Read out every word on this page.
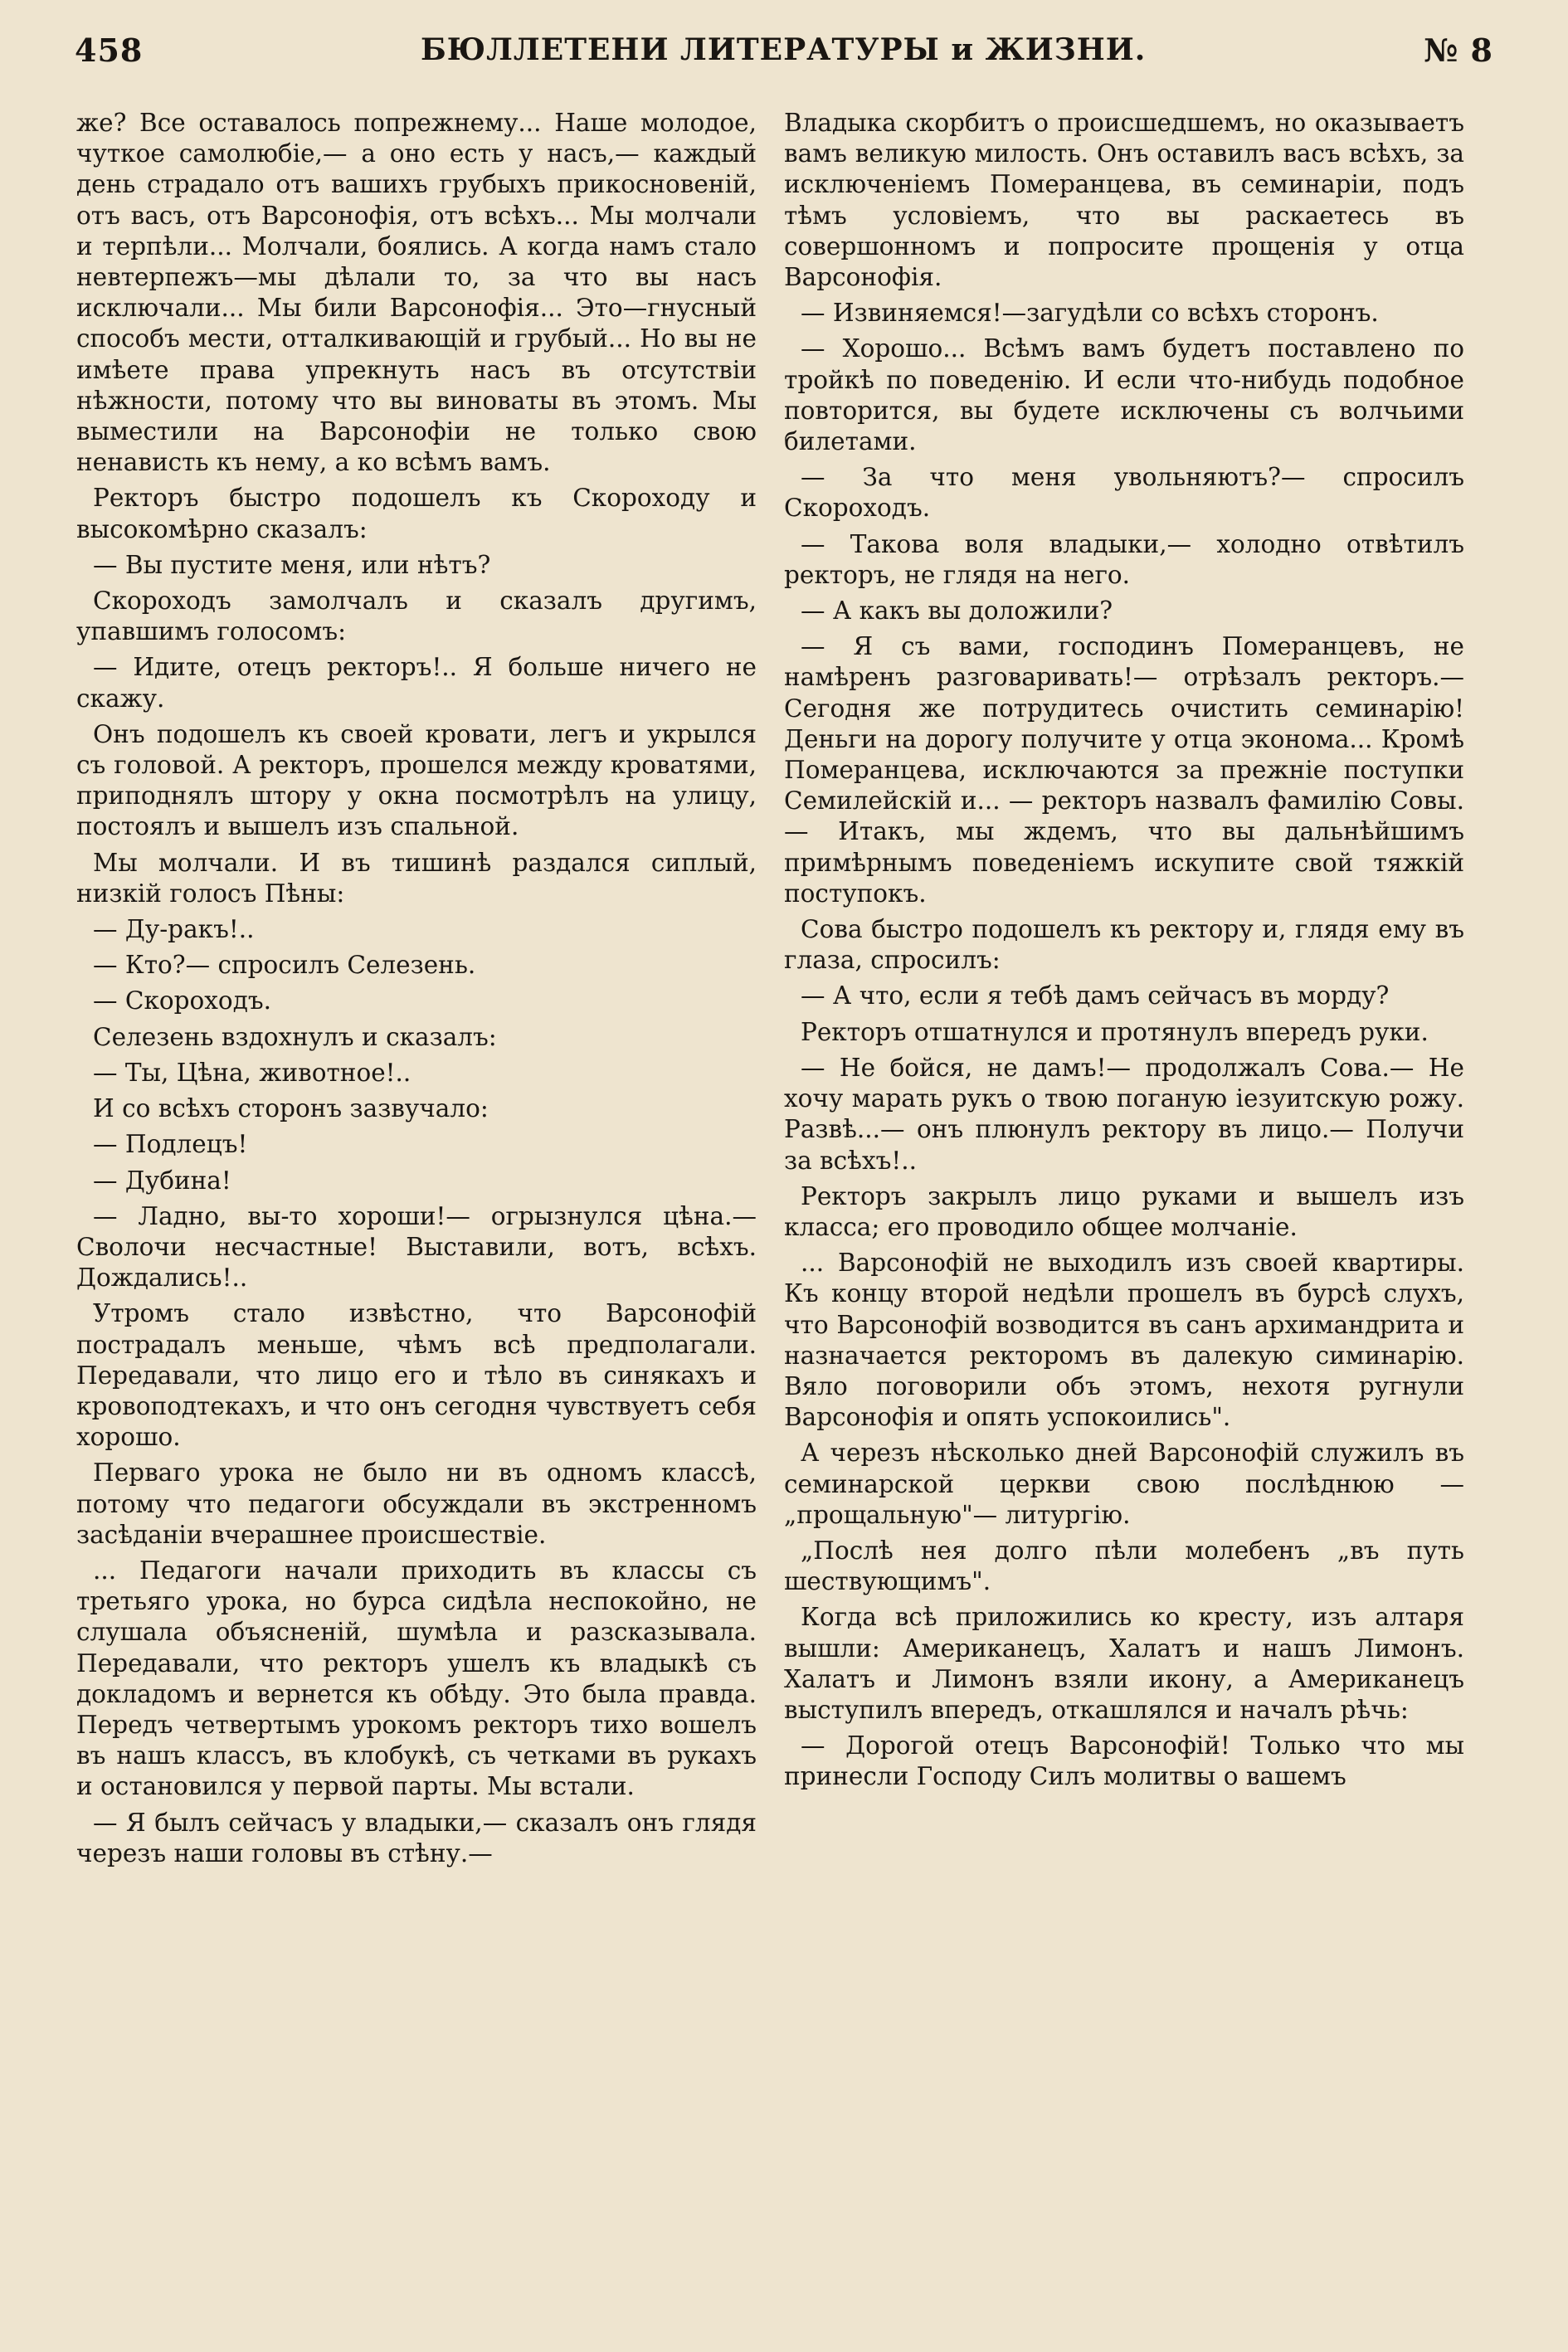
458	БЮЛЛЕТЕНИ ЛИТЕРАТУРЫ и ЖИЗНИ.	№ 8

же? Все оставалось попрежнему... Наше молодое, чуткое самолюбіе,— а оно есть у насъ,— каждый день страдало отъ вашихъ грубыхъ прикосновеній, отъ васъ, отъ Варсонофія, отъ всѣхъ... Мы молчали и терпѣли... Молчали, боялись. А когда намъ стало невтерпежъ—мы дѣлали то, за что вы насъ исключали... Мы били Варсонофія... Это—гнусный способъ мести, отталкивающій и грубый... Но вы не имѣете права упрекнуть насъ въ отсутствіи нѣжности, потому что вы виноваты въ этомъ. Мы выместили на Варсонофіи не только свою ненависть къ нему, а ко всѣмъ вамъ.

Ректоръ быстро подошелъ къ Скороходу и высокомѣрно сказалъ:

— Вы пустите меня, или нѣтъ?

Скороходъ замолчалъ и сказалъ другимъ, упавшимъ голосомъ:

— Идите, отецъ ректоръ!.. Я больше ничего не скажу.

Онъ подошелъ къ своей кровати, легъ и укрылся съ головой. А ректоръ, прошелся между кроватями, приподнялъ штору у окна посмотрѣлъ на улицу, постоялъ и вышелъ изъ спальной.

Мы молчали. И въ тишинѣ раздался сиплый, низкій голосъ Пѣны:

— Ду-ракъ!..

— Кто?— спросилъ Селезень.

— Скороходъ.

Селезень вздохнулъ и сказалъ:

— Ты, Цѣна, животное!..

И со всѣхъ сторонъ зазвучало:

— Подлецъ!

— Дубина!

— Ладно, вы-то хороши!— огрызнулся цѣна.—Сволочи несчастные! Выставили, вотъ, всѣхъ. Дождались!..

Утромъ стало извѣстно, что Варсонофій пострадалъ меньше, чѣмъ всѣ предполагали. Передавали, что лицо его и тѣло въ синякахъ и кровоподтекахъ, и что онъ сегодня чувствуетъ себя хорошо.

Перваго урока не было ни въ одномъ классѣ, потому что педагоги обсуждали въ экстренномъ засѣданіи вчерашнее происшествіе.

... Педагоги начали приходить въ классы съ третьяго урока, но бурса сидѣла неспокойно, не слушала объясненій, шумѣла и разсказывала. Передавали, что ректоръ ушелъ къ владыкѣ съ докладомъ и вернется къ обѣду. Это была правда. Передъ четвертымъ урокомъ ректоръ тихо вошелъ въ нашъ классъ, въ клобукѣ, съ четками въ рукахъ и остановился у первой парты. Мы встали.

— Я былъ сейчасъ у владыки,— сказалъ онъ глядя черезъ наши головы въ стѣну.—

Владыка скорбитъ о происшедшемъ, но оказываетъ вамъ великую милость. Онъ оставилъ васъ всѣхъ, за исключеніемъ Померанцева, въ семинаріи, подъ тѣмъ условіемъ, что вы раскаетесь въ совершонномъ и попросите прощенія у отца Варсонофія.

— Извиняемся!—загудѣли со всѣхъ сторонъ.

— Хорошо... Всѣмъ вамъ будетъ поставлено по тройкѣ по поведенію. И если что-нибудь подобное повторится, вы будете исключены съ волчьими билетами.

— За что меня увольняютъ?— спросилъ Скороходъ.

— Такова воля владыки,— холодно отвѣтилъ ректоръ, не глядя на него.

— А какъ вы доложили?

— Я съ вами, господинъ Померанцевъ, не намѣренъ разговаривать!— отрѣзалъ ректоръ.— Сегодня же потрудитесь очистить семинарію! Деньги на дорогу получите у отца эконома... Кромѣ Померанцева, исключаются за прежніе поступки Семилейскій и... — ректоръ назвалъ фамилію Совы.— Итакъ, мы ждемъ, что вы дальнѣйшимъ примѣрнымъ поведеніемъ искупите свой тяжкій поступокъ.

Сова быстро подошелъ къ ректору и, глядя ему въ глаза, спросилъ:

— А что, если я тебѣ дамъ сейчасъ въ морду?

Ректоръ отшатнулся и протянулъ впередъ руки.

— Не бойся, не дамъ!— продолжалъ Сова.— Не хочу марать рукъ о твою поганую іезуитскую рожу. Развѣ...— онъ плюнулъ ректору въ лицо.— Получи за всѣхъ!..

Ректоръ закрылъ лицо руками и вышелъ изъ класса; его проводило общее молчаніе.

... Варсонофій не выходилъ изъ своей квартиры. Къ концу второй недѣли прошелъ въ бурсѣ слухъ, что Варсонофій возводится въ санъ архимандрита и назначается ректоромъ въ далекую симинарію. Вяло поговорили объ этомъ, нехотя ругнули Варсонофія и опять успокоились".

А черезъ нѣсколько дней Варсонофій служилъ въ семинарской церкви свою послѣднюю —„прощальную"— литургію.

„Послѣ нея долго пѣли молебенъ „въ путь шествующимъ".

Когда всѣ приложились ко кресту, изъ алтаря вышли: Американецъ, Халатъ и нашъ Лимонъ. Халатъ и Лимонъ взяли икону, а Американецъ выступилъ впередъ, откашлялся и началъ рѣчь:

— Дорогой отецъ Варсонофій! Только что мы принесли Господу Силъ молитвы о вашемъ
